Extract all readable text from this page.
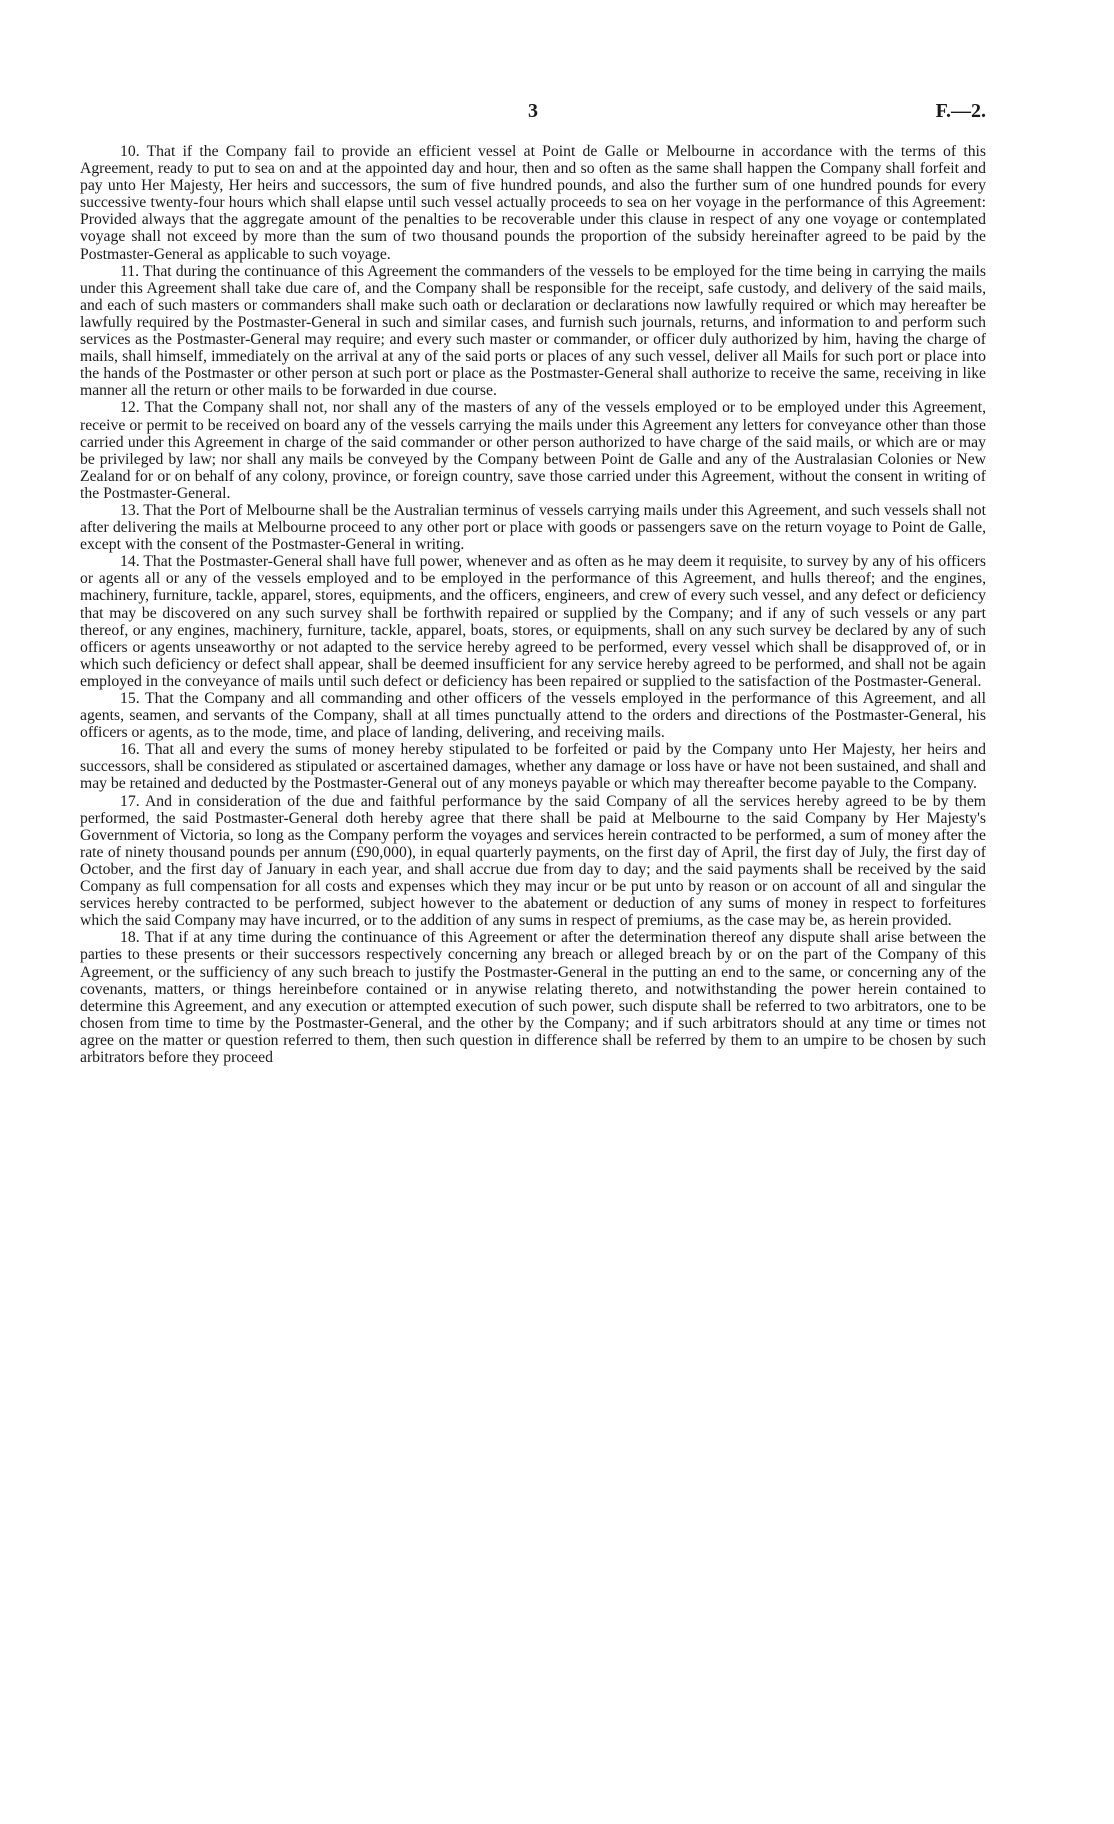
3	F.—2.

10. That if the Company fail to provide an efficient vessel at Point de Galle or Melbourne in accordance with the terms of this Agreement, ready to put to sea on and at the appointed day and hour, then and so often as the same shall happen the Company shall forfeit and pay unto Her Majesty, Her heirs and successors, the sum of five hundred pounds, and also the further sum of one hundred pounds for every successive twenty-four hours which shall elapse until such vessel actually proceeds to sea on her voyage in the performance of this Agreement: Provided always that the aggregate amount of the penalties to be recoverable under this clause in respect of any one voyage or contemplated voyage shall not exceed by more than the sum of two thousand pounds the proportion of the subsidy hereinafter agreed to be paid by the Postmaster-General as applicable to such voyage.

11. That during the continuance of this Agreement the commanders of the vessels to be employed for the time being in carrying the mails under this Agreement shall take due care of, and the Company shall be responsible for the receipt, safe custody, and delivery of the said mails, and each of such masters or commanders shall make such oath or declaration or declarations now lawfully required or which may hereafter be lawfully required by the Postmaster-General in such and similar cases, and furnish such journals, returns, and information to and perform such services as the Postmaster-General may require; and every such master or commander, or officer duly authorized by him, having the charge of mails, shall himself, immediately on the arrival at any of the said ports or places of any such vessel, deliver all Mails for such port or place into the hands of the Postmaster or other person at such port or place as the Postmaster-General shall authorize to receive the same, receiving in like manner all the return or other mails to be forwarded in due course.

12. That the Company shall not, nor shall any of the masters of any of the vessels employed or to be employed under this Agreement, receive or permit to be received on board any of the vessels carrying the mails under this Agreement any letters for conveyance other than those carried under this Agreement in charge of the said commander or other person authorized to have charge of the said mails, or which are or may be privileged by law; nor shall any mails be conveyed by the Company between Point de Galle and any of the Australasian Colonies or New Zealand for or on behalf of any colony, province, or foreign country, save those carried under this Agreement, without the consent in writing of the Postmaster-General.

13. That the Port of Melbourne shall be the Australian terminus of vessels carrying mails under this Agreement, and such vessels shall not after delivering the mails at Melbourne proceed to any other port or place with goods or passengers save on the return voyage to Point de Galle, except with the consent of the Postmaster-General in writing.

14. That the Postmaster-General shall have full power, whenever and as often as he may deem it requisite, to survey by any of his officers or agents all or any of the vessels employed and to be employed in the performance of this Agreement, and hulls thereof; and the engines, machinery, furniture, tackle, apparel, stores, equipments, and the officers, engineers, and crew of every such vessel, and any defect or deficiency that may be discovered on any such survey shall be forthwith repaired or supplied by the Company; and if any of such vessels or any part thereof, or any engines, machinery, furniture, tackle, apparel, boats, stores, or equipments, shall on any such survey be declared by any of such officers or agents unseaworthy or not adapted to the service hereby agreed to be performed, every vessel which shall be disapproved of, or in which such deficiency or defect shall appear, shall be deemed insufficient for any service hereby agreed to be performed, and shall not be again employed in the conveyance of mails until such defect or deficiency has been repaired or supplied to the satisfaction of the Postmaster-General.

15. That the Company and all commanding and other officers of the vessels employed in the performance of this Agreement, and all agents, seamen, and servants of the Company, shall at all times punctually attend to the orders and directions of the Postmaster-General, his officers or agents, as to the mode, time, and place of landing, delivering, and receiving mails.

16. That all and every the sums of money hereby stipulated to be forfeited or paid by the Company unto Her Majesty, her heirs and successors, shall be considered as stipulated or ascertained damages, whether any damage or loss have or have not been sustained, and shall and may be retained and deducted by the Postmaster-General out of any moneys payable or which may thereafter become payable to the Company.

17. And in consideration of the due and faithful performance by the said Company of all the services hereby agreed to be by them performed, the said Postmaster-General doth hereby agree that there shall be paid at Melbourne to the said Company by Her Majesty's Government of Victoria, so long as the Company perform the voyages and services herein contracted to be performed, a sum of money after the rate of ninety thousand pounds per annum (£90,000), in equal quarterly payments, on the first day of April, the first day of July, the first day of October, and the first day of January in each year, and shall accrue due from day to day; and the said payments shall be received by the said Company as full compensation for all costs and expenses which they may incur or be put unto by reason or on account of all and singular the services hereby contracted to be performed, subject however to the abatement or deduction of any sums of money in respect to forfeitures which the said Company may have incurred, or to the addition of any sums in respect of premiums, as the case may be, as herein provided.

18. That if at any time during the continuance of this Agreement or after the determination thereof any dispute shall arise between the parties to these presents or their successors respectively concerning any breach or alleged breach by or on the part of the Company of this Agreement, or the sufficiency of any such breach to justify the Postmaster-General in the putting an end to the same, or concerning any of the covenants, matters, or things hereinbefore contained or in anywise relating thereto, and notwithstanding the power herein contained to determine this Agreement, and any execution or attempted execution of such power, such dispute shall be referred to two arbitrators, one to be chosen from time to time by the Postmaster-General, and the other by the Company; and if such arbitrators should at any time or times not agree on the matter or question referred to them, then such question in difference shall be referred by them to an umpire to be chosen by such arbitrators before they proceed
